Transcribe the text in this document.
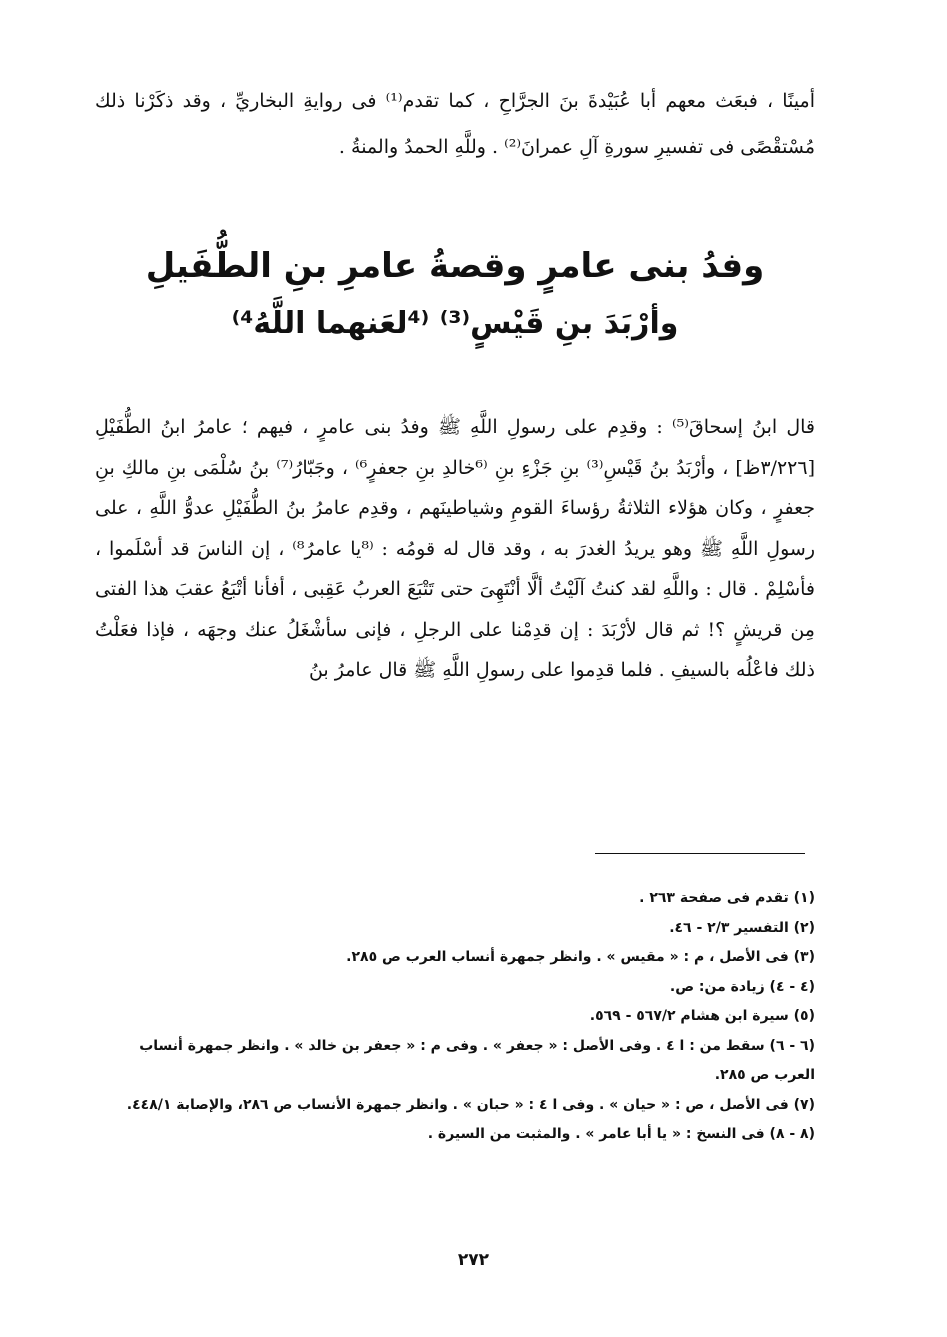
أمينًا ، فبعَث معهم أبا عُبَيْدةَ بنَ الجرَّاحِ ، كما تقدم⁽¹⁾ فى روايةِ البخاريِّ ، وقد ذكَرْنا ذلك مُسْتقْصًى فى تفسيرِ سورةِ آلِ عمرانَ⁽²⁾ . وللَّهِ الحمدُ والمنةُ .

وفدُ بنى عامرٍ وقصةُ عامرِ بنِ الطُّفَيلِ
وأرْبَدَ بنِ قَيْسٍ⁽³⁾ ⁽⁴لعَنهما اللَّهُ⁴⁾

قال ابنُ إسحاقَ⁽⁵⁾ : وقدِم على رسولِ اللَّهِ ﷺ وفدُ بنى عامرٍ ، فيهم ؛ عامرُ ابنُ الطُّفَيْلِ [٣/٢٢٦ظ] ، وأرْبَدُ بنُ قَيْسِ⁽³⁾ بنِ جَزْءِ بنِ ⁽⁶خالدِ بنِ جعفرٍ⁶⁾ ، وجَبّارُ⁽⁷⁾ بنُ سُلْمَى بنِ مالكِ بنِ جعفرٍ ، وكان هؤلاء الثلاثةُ رؤساءَ القومِ وشياطينَهم ، وقدِم عامرُ بنُ الطُّفَيْلِ عدوُّ اللَّهِ ، على رسولِ اللَّهِ ﷺ وهو يريدُ الغدرَ به ، وقد قال له قومُه : ⁽⁸يا عامرُ⁸⁾ ، إن الناسَ قد أسْلَموا ، فأسْلِمْ . قال : واللَّهِ لقد كنتُ آلَيْتُ ألَّا أنْتَهِىَ حتى تَتْبَعَ العربُ عَقِبى ، أفأنا أتْبَعُ عقبَ هذا الفتى مِن قريشٍ ؟! ثم قال لأرْبَدَ : إن قدِمْنا على الرجلِ ، فإنى سأشْغَلُ عنك وجهَه ، فإذا فعَلْتُ ذلك فاعْلُه بالسيفِ . فلما قدِموا على رسولِ اللَّهِ ﷺ قال عامرُ بنُ

(١) تقدم فى صفحة ٢٦٣ .
(٢) التفسير ٢/٣ - ٤٦.
(٣) فى الأصل ، م : « مقيس » . وانظر جمهرة أنساب العرب ص ٢٨٥.
(٤ - ٤) زيادة من: ص.
(٥) سيرة ابن هشام ٥٦٧/٢ - ٥٦٩.
(٦ - ٦) سقط من : ا ٤ . وفى الأصل : « جعفر » . وفى م : « جعفر بن خالد » . وانظر جمهرة أنساب العرب ص ٢٨٥.
(٧) فى الأصل ، ص : « حيان » . وفى ا ٤ : « حبان » . وانظر جمهرة الأنساب ص ٢٨٦، والإصابة ٤٤٨/١.
(٨ - ٨) فى النسخ : « يا أبا عامر » . والمثبت من السيرة .
٢٧٢
